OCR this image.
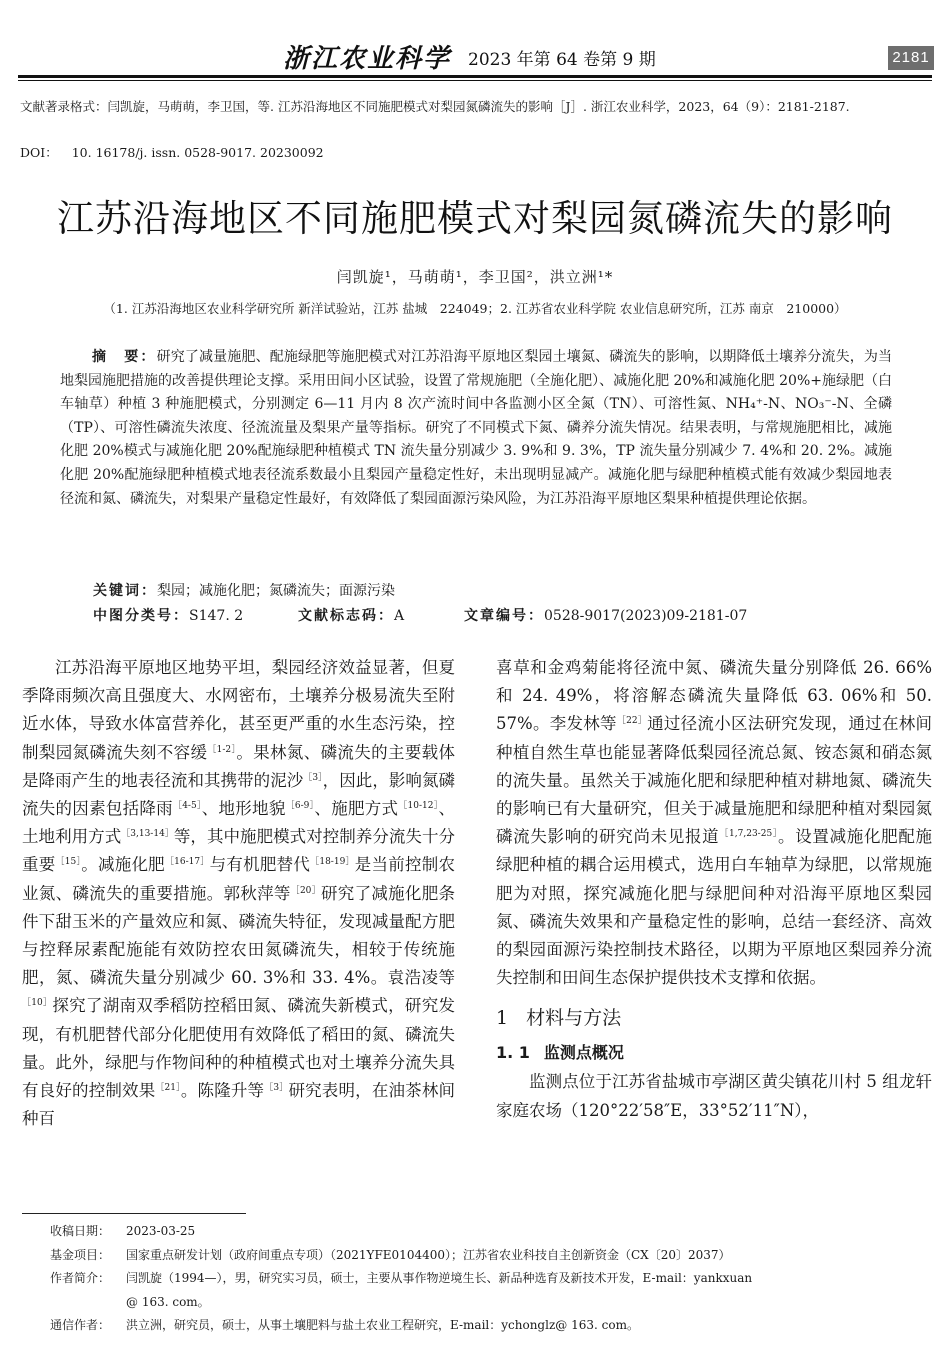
浙江农业科学 2023 年第 64 卷第 9 期	2181
文献著录格式：闫凯旋，马萌萌，李卫国，等. 江苏沿海地区不同施肥模式对梨园氮磷流失的影响［J］. 浙江农业科学，2023，64（9）：2181-2187.
DOI： 10. 16178/j. issn. 0528-9017. 20230092
江苏沿海地区不同施肥模式对梨园氮磷流失的影响
闫凯旋¹，马萌萌¹，李卫国²，洪立洲¹*
（1. 江苏沿海地区农业科学研究所 新洋试验站，江苏 盐城　224049；2. 江苏省农业科学院 农业信息研究所，江苏 南京　210000）
摘　要：研究了减量施肥、配施绿肥等施肥模式对江苏沿海平原地区梨园土壤氮、磷流失的影响，以期降低土壤养分流失，为当地梨园施肥措施的改善提供理论支撑。采用田间小区试验，设置了常规施肥（全施化肥）、减施化肥 20%和减施化肥 20%+施绿肥（白车轴草）种植 3 种施肥模式，分别测定 6—11 月内 8 次产流时间中各监测小区全氮（TN）、可溶性氮、NH₄⁺-N、NO₃⁻-N、全磷（TP）、可溶性磷流失浓度、径流流量及梨果产量等指标。研究了不同模式下氮、磷养分流失情况。结果表明，与常规施肥相比，减施化肥 20%模式与减施化肥 20%配施绿肥种植模式 TN 流失量分别减少 3. 9%和 9. 3%，TP 流失量分别减少 7. 4%和 20. 2%。减施化肥 20%配施绿肥种植模式地表径流系数最小且梨园产量稳定性好，未出现明显减产。减施化肥与绿肥种植模式能有效减少梨园地表径流和氮、磷流失，对梨果产量稳定性最好，有效降低了梨园面源污染风险，为江苏沿海平原地区梨果种植提供理论依据。
关键词：梨园；减施化肥；氮磷流失；面源污染
中图分类号：S147. 2	文献标志码：A	文章编号：0528-9017(2023)09-2181-07

江苏沿海平原地区地势平坦，梨园经济效益显著，但夏季降雨频次高且强度大、水网密布，土壤养分极易流失至附近水体，导致水体富营养化，甚至更严重的水生态污染，控制梨园氮磷流失刻不容缓$^{[1-2]}$。果林氮、磷流失的主要载体是降雨产生的地表径流和其携带的泥沙$^{[3]}$，因此，影响氮磷流失的因素包括降雨$^{[4-5]}$、地形地貌$^{[6-9]}$、施肥方式$^{[10-12]}$、土地利用方式$^{[3,13-14]}$等，其中施肥模式对控制养分流失十分重要$^{[15]}$。减施化肥$^{[16-17]}$与有机肥替代$^{[18-19]}$是当前控制农业氮、磷流失的重要措施。郭秋萍等$^{[20]}$研究了减施化肥条件下甜玉米的产量效应和氮、磷流失特征，发现减量配方肥与控释尿素配施能有效防控农田氮磷流失，相较于传统施肥，氮、磷流失量分别减少 60. 3%和 33. 4%。袁浩凌等$^{[10]}$探究了湖南双季稻防控稻田氮、磷流失新模式，研究发现，有机肥替代部分化肥使用有效降低了稻田的氮、磷流失量。此外，绿肥与作物间种的种植模式也对土壤养分流失具有良好的控制效果$^{[21]}$。陈隆升等$^{[3]}$研究表明，在油茶林间种百

喜草和金鸡菊能将径流中氮、磷流失量分别降低 26. 66%和 24. 49%，将溶解态磷流失量降低 63. 06%和 50. 57%。李发林等$^{[22]}$通过径流小区法研究发现，通过在林间种植自然生草也能显著降低梨园径流总氮、铵态氮和硝态氮的流失量。虽然关于减施化肥和绿肥种植对耕地氮、磷流失的影响已有大量研究，但关于减量施肥和绿肥种植对梨园氮磷流失影响的研究尚未见报道$^{[1,7,23-25]}$。设置减施化肥配施绿肥种植的耦合运用模式，选用白车轴草为绿肥，以常规施肥为对照，探究减施化肥与绿肥间种对沿海平原地区梨园氮、磷流失效果和产量稳定性的影响，总结一套经济、高效的梨园面源污染控制技术路径，以期为平原地区梨园养分流失控制和田间生态保护提供技术支撑和依据。

1 材料与方法
1. 1 监测点概况

监测点位于江苏省盐城市亭湖区黄尖镇花川村 5 组龙轩家庭农场（120°22′58″E，33°52′11″N），

收稿日期：	2023-03-25
基金项目：	国家重点研发计划（政府间重点专项）（2021YFE0104400）；江苏省农业科技自主创新资金（CX〔20〕2037）
作者简介：	闫凯旋（1994—），男，研究实习员，硕士，主要从事作物逆境生长、新品种选育及新技术开发，E-mail：yankxuan
@ 163. com。
通信作者：	洪立洲，研究员，硕士，从事土壤肥料与盐土农业工程研究，E-mail：ychonglz@ 163. com。
